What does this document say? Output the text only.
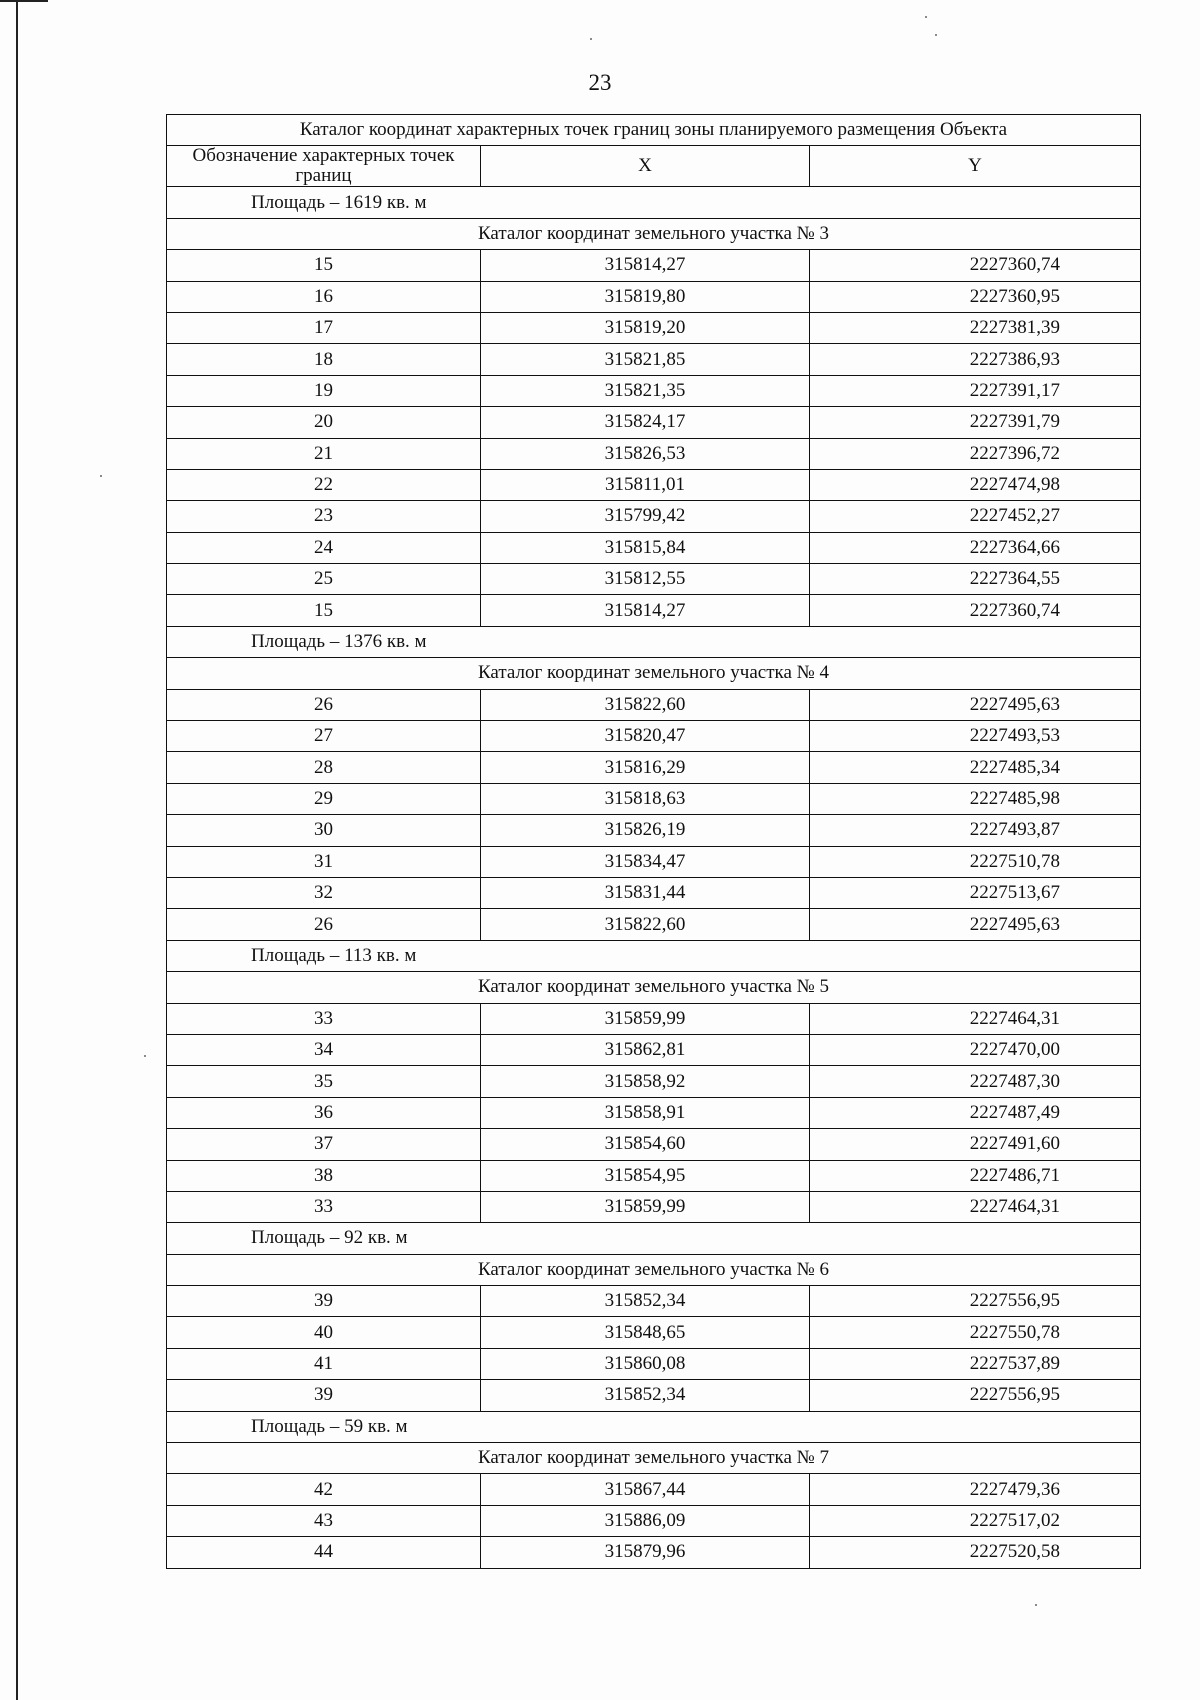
23
Каталог координат характерных точек границ зоны планируемого размещения Объекта		
Обозначение характерных точек границ	X	Y
Площадь – 1619 кв. м		
Каталог координат земельного участка № 3		
15	315814,27	2227360,74
16	315819,80	2227360,95
17	315819,20	2227381,39
18	315821,85	2227386,93
19	315821,35	2227391,17
20	315824,17	2227391,79
21	315826,53	2227396,72
22	315811,01	2227474,98
23	315799,42	2227452,27
24	315815,84	2227364,66
25	315812,55	2227364,55
15	315814,27	2227360,74
Площадь – 1376 кв. м		
Каталог координат земельного участка № 4		
26	315822,60	2227495,63
27	315820,47	2227493,53
28	315816,29	2227485,34
29	315818,63	2227485,98
30	315826,19	2227493,87
31	315834,47	2227510,78
32	315831,44	2227513,67
26	315822,60	2227495,63
Площадь – 113 кв. м		
Каталог координат земельного участка № 5		
33	315859,99	2227464,31
34	315862,81	2227470,00
35	315858,92	2227487,30
36	315858,91	2227487,49
37	315854,60	2227491,60
38	315854,95	2227486,71
33	315859,99	2227464,31
Площадь – 92 кв. м		
Каталог координат земельного участка № 6		
39	315852,34	2227556,95
40	315848,65	2227550,78
41	315860,08	2227537,89
39	315852,34	2227556,95
Площадь – 59 кв. м		
Каталог координат земельного участка № 7		
42	315867,44	2227479,36
43	315886,09	2227517,02
44	315879,96	2227520,58
